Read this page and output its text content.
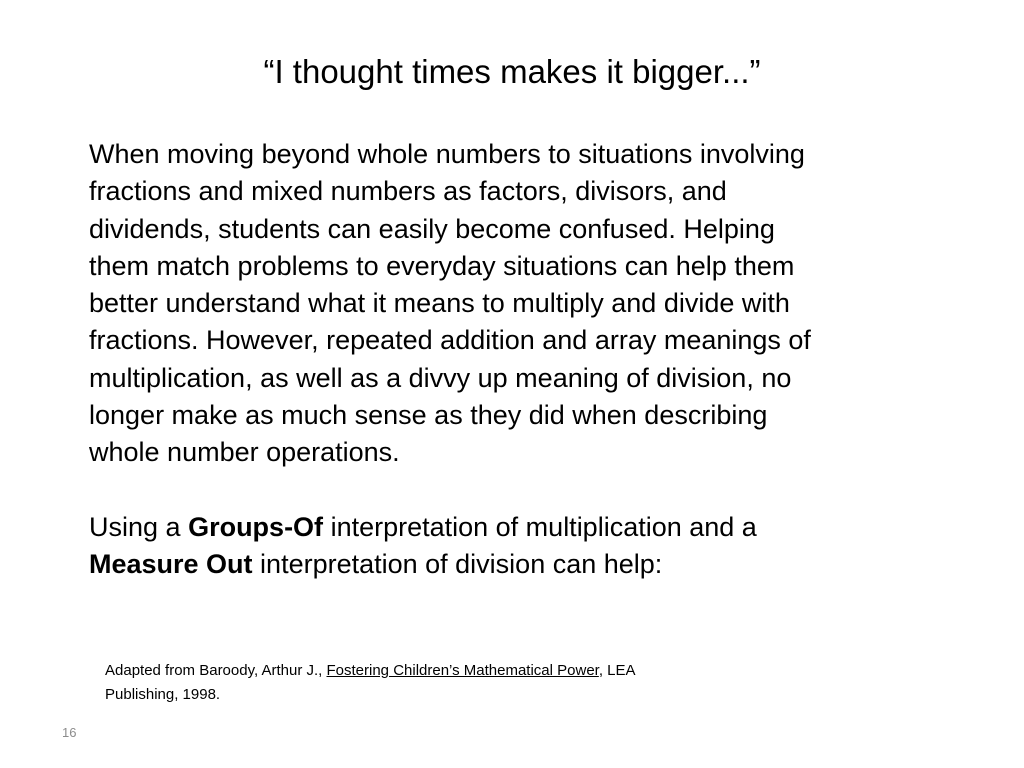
“I thought times makes it bigger...”

When moving beyond whole numbers to situations involving
fractions and mixed numbers as factors, divisors, and
dividends, students can easily become confused. Helping
them match problems to everyday situations can help them
better understand what it means to multiply and divide with
fractions. However, repeated addition and array meanings of
multiplication, as well as a divvy up meaning of division, no
longer make as much sense as they did when describing
whole number operations.

Using a Groups-Of interpretation of multiplication and a
Measure Out interpretation of division can help:

Adapted from Baroody, Arthur J., Fostering Children’s Mathematical Power, LEA
Publishing, 1998.
16
